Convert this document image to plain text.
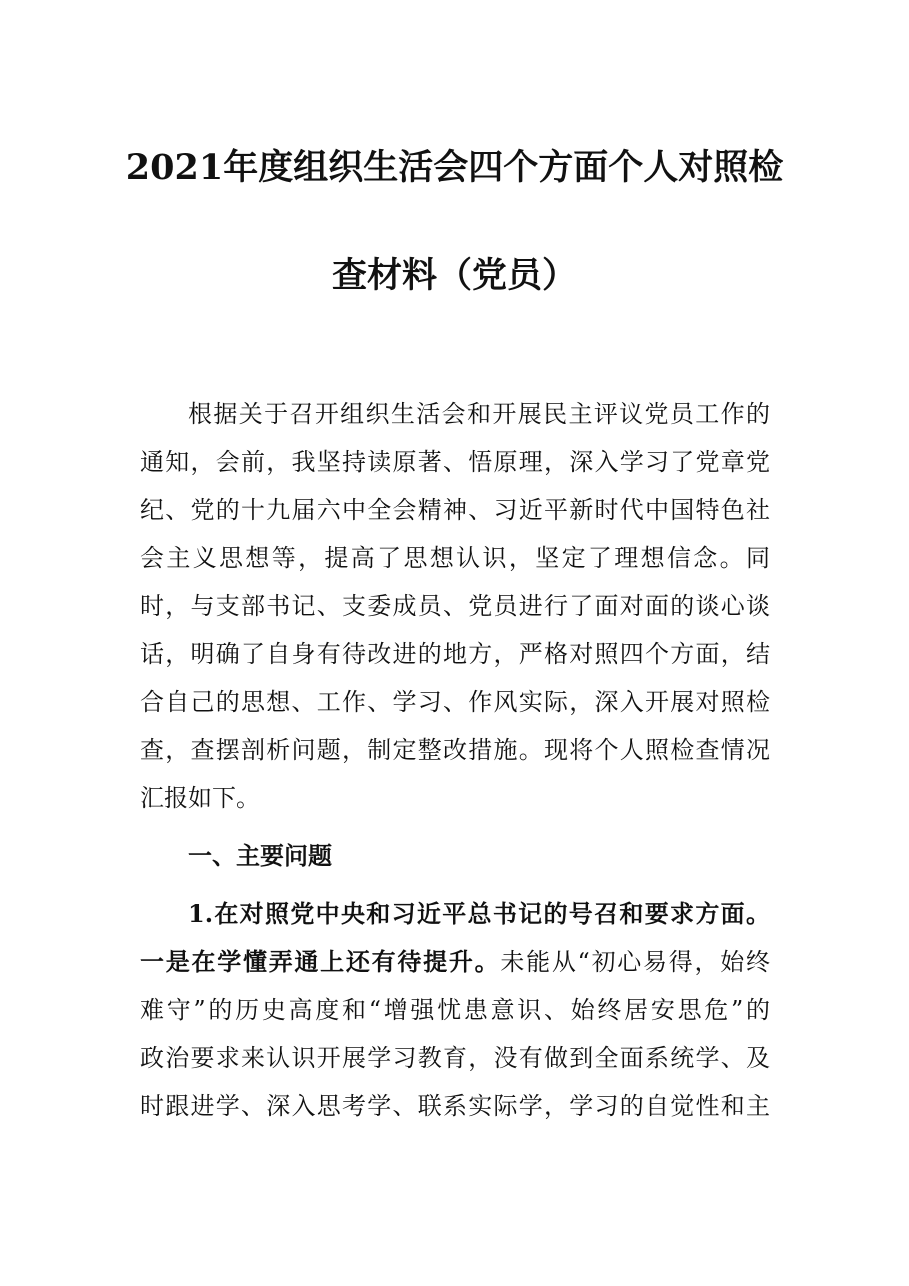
2021年度组织生活会四个方面个人对照检
查材料（党员）
根据关于召开组织生活会和开展民主评议党员工作的
通知，会前，我坚持读原著、悟原理，深入学习了党章党
纪、党的十九届六中全会精神、习近平新时代中国特色社
会主义思想等，提高了思想认识，坚定了理想信念。同
时，与支部书记、支委成员、党员进行了面对面的谈心谈
话，明确了自身有待改进的地方，严格对照四个方面，结
合自己的思想、工作、学习、作风实际，深入开展对照检
查，查摆剖析问题，制定整改措施。现将个人照检查情况
汇报如下。
一、主要问题
1.在对照党中央和习近平总书记的号召和要求方面。
一是在学懂弄通上还有待提升。未能从“初心易得，始终
难守”的历史高度和“增强忧患意识、始终居安思危”的
政治要求来认识开展学习教育，没有做到全面系统学、及
时跟进学、深入思考学、联系实际学，学习的自觉性和主
